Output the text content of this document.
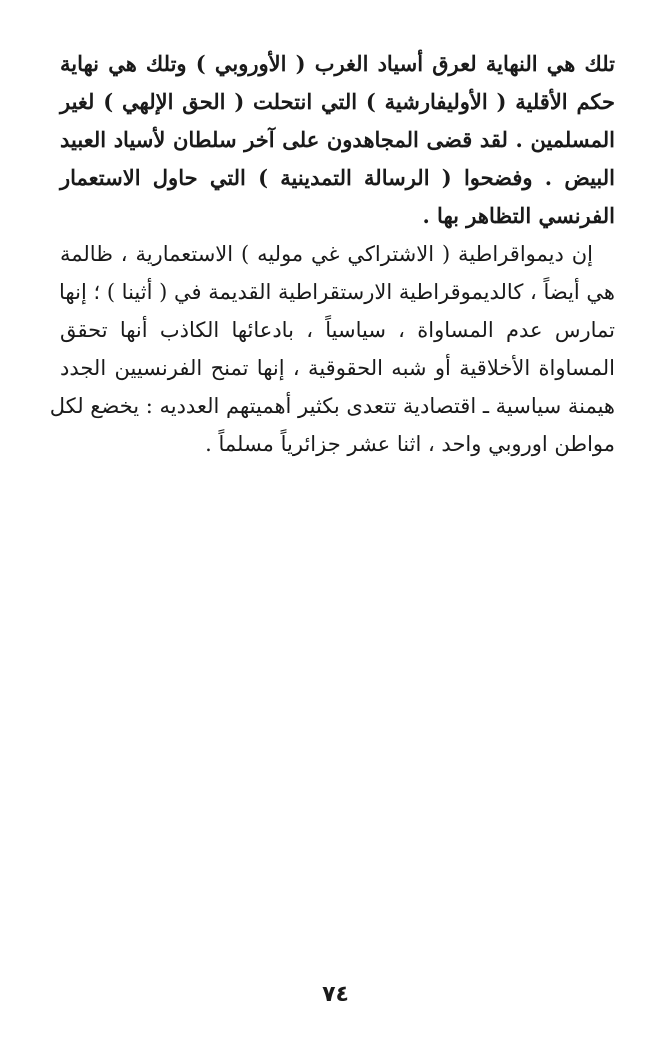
تلك هي النهاية لعرق أسياد الغرب ( الأوروبي ) وتلك هي نهاية
حكم الأقلية ( الأوليفارشية ) التي انتحلت ( الحق الإلهي ) لغير
المسلمين . لقد قضى المجاهدون على آخر سلطان لأسياد العبيد
البيض . وفضحوا ( الرسالة التمدينية ) التي حاول الاستعمار
الفرنسي التظاهر بها .
إن ديمواقراطية ( الاشتراكي غي موليه ) الاستعمارية ، ظالمة
هي أيضاً ، كالديموقراطية الارستقراطية القديمة في ( أثينا ) ؛ إنها
تمارس عدم المساواة ، سياسياً ، بادعائها الكاذب أنها تحقق
المساواة الأخلاقية أو شبه الحقوقية ، إنها تمنح الفرنسيين الجدد
هيمنة سياسية ـ اقتصادية تتعدى بكثير أهميتهم العدديه : يخضع لكل
مواطن اوروبي واحد ، اثنا عشر جزائرياً مسلماً .
٧٤
